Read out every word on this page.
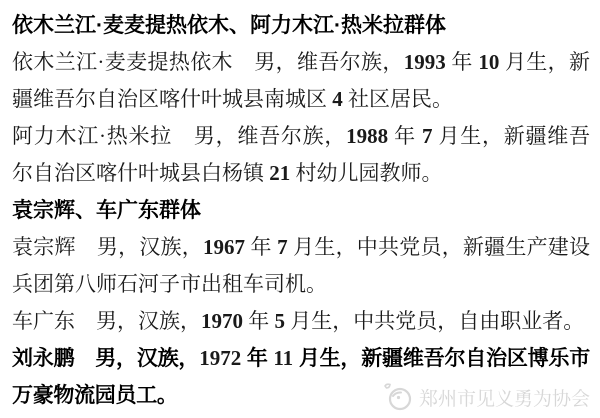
依木兰江·麦麦提热依木、阿力木江·热米拉群体

依木兰江·麦麦提热依木　男，维吾尔族，1993 年 10 月生，新疆维吾尔自治区喀什叶城县南城区 4 社区居民。

阿力木江·热米拉　男，维吾尔族，1988 年 7 月生，新疆维吾尔自治区喀什叶城县白杨镇 21 村幼儿园教师。

袁宗辉、车广东群体

袁宗辉　男，汉族，1967 年 7 月生，中共党员，新疆生产建设兵团第八师石河子市出租车司机。

车广东　男，汉族，1970 年 5 月生，中共党员，自由职业者。

刘永鹏　男，汉族，1972 年 11 月生，新疆维吾尔自治区博乐市万豪物流园员工。	郑州市见义勇为协会
